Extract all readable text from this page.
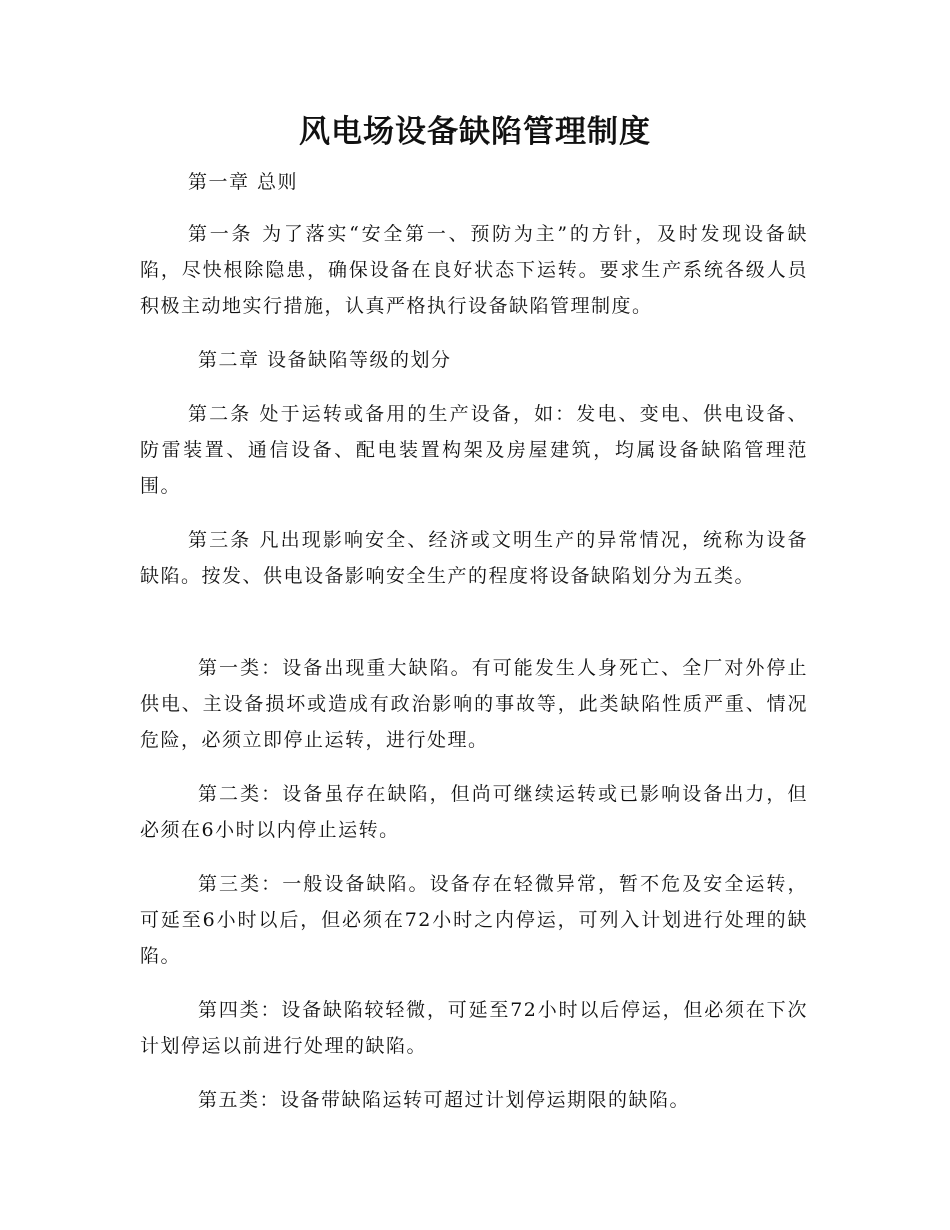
风电场设备缺陷管理制度

第一章 总则

第一条 为了落实“安全第一、预防为主”的方针，及时发现设备缺陷，尽快根除隐患，确保设备在良好状态下运转。要求生产系统各级人员积极主动地实行措施，认真严格执行设备缺陷管理制度。

第二章 设备缺陷等级的划分

第二条 处于运转或备用的生产设备，如：发电、变电、供电设备、防雷装置、通信设备、配电装置构架及房屋建筑，均属设备缺陷管理范围。

第三条 凡出现影响安全、经济或文明生产的异常情况，统称为设备缺陷。按发、供电设备影响安全生产的程度将设备缺陷划分为五类。

第一类：设备出现重大缺陷。有可能发生人身死亡、全厂对外停止供电、主设备损坏或造成有政治影响的事故等，此类缺陷性质严重、情况危险，必须立即停止运转，进行处理。

第二类：设备虽存在缺陷，但尚可继续运转或已影响设备出力，但必须在6小时以内停止运转。

第三类：一般设备缺陷。设备存在轻微异常，暂不危及安全运转，可延至6小时以后，但必须在72小时之内停运，可列入计划进行处理的缺陷。

第四类：设备缺陷较轻微，可延至72小时以后停运，但必须在下次计划停运以前进行处理的缺陷。

第五类：设备带缺陷运转可超过计划停运期限的缺陷。
